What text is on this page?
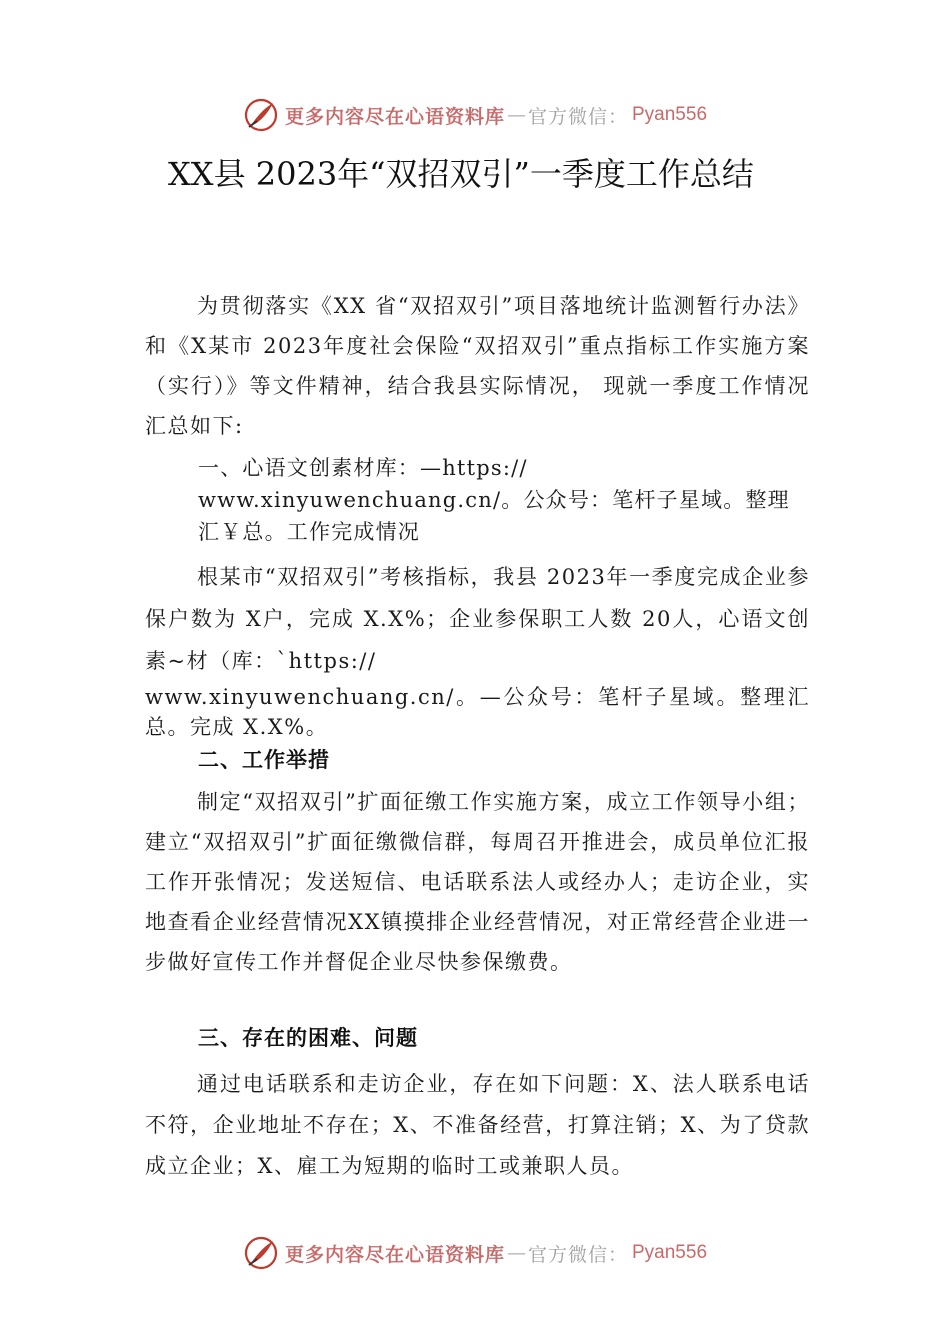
更多内容尽在心语资料库 — 官方微信： Pyan556
XX县 2023年“双招双引”一季度工作总结

为贯彻落实《XX 省“双招双引”项目落地统计监测暂行办法》和《X某市 2023年度社会保险“双招双引”重点指标工作实施方案（实行）》等文件精神，结合我县实际情况， 现就一季度工作情况汇总如下:

一、心语文创素材库：—https://
www.xinyuwenchuang.cn/。公众号：笔杆子星域。整理
汇￥总。工作完成情况
根某市“双招双引”考核指标，我县 2023年一季度完成企业参保户数为 X户，完成 X.X%；企业参保职工人数 20人，心语文创素~材（库：`https://
www.xinyuwenchuang.cn/。—公众号：笔杆子星域。整理汇总。完成 X.X%。
二、工作举措

制定“双招双引”扩面征缴工作实施方案，成立工作领导小组；建立“双招双引”扩面征缴微信群，每周召开推进会，成员单位汇报工作开张情况；发送短信、电话联系法人或经办人；走访企业，实地查看企业经营情况XX镇摸排企业经营情况，对正常经营企业进一步做好宣传工作并督促企业尽快参保缴费。

三、存在的困难、问题

通过电话联系和走访企业，存在如下问题：X、法人联系电话不符，企业地址不存在；X、不准备经营，打算注销；X、为了贷款成立企业；X、雇工为短期的临时工或兼职人员。

更多内容尽在心语资料库 — 官方微信： Pyan556
